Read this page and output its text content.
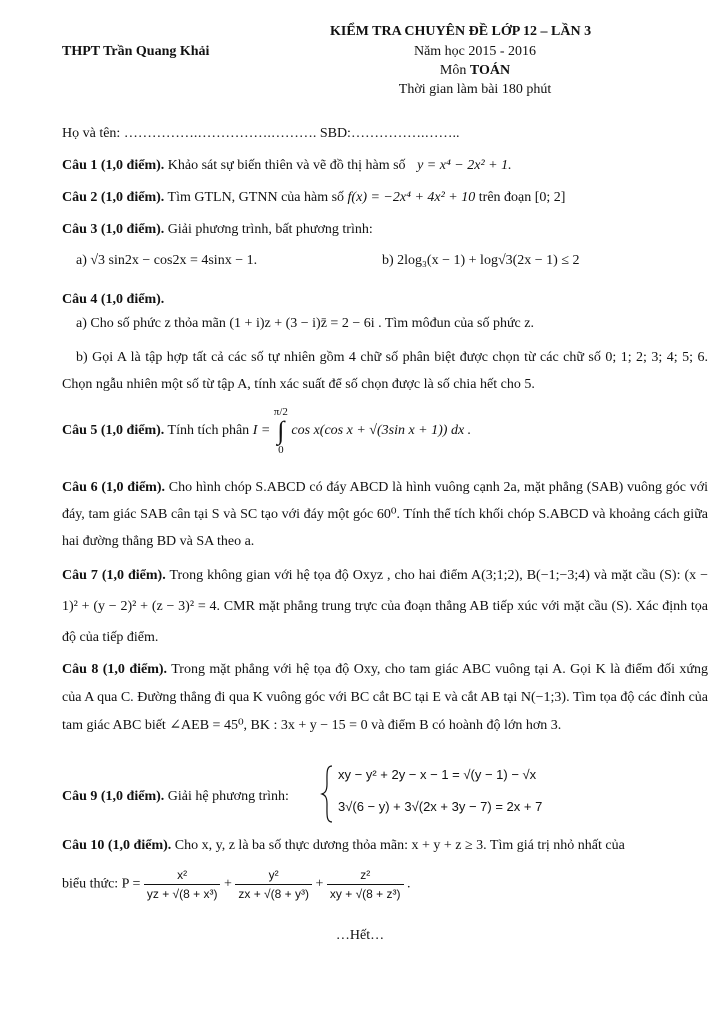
KIỂM TRA CHUYÊN ĐỀ LỚP 12 – LẦN 3
THPT Trần Quang Khải	Năm học 2015 - 2016
Môn TOÁN
Thời gian làm bài 180 phút
Họ và tên: …………….…………….………. SBD:…………….……..
Câu 1 (1,0 điểm). Khảo sát sự biến thiên và vẽ đồ thị hàm số y = x⁴ − 2x² + 1.
Câu 2 (1,0 điểm). Tìm GTLN, GTNN của hàm số f(x) = −2x⁴ + 4x² + 10 trên đoạn [0; 2]
Câu 3 (1,0 điểm). Giải phương trình, bất phương trình:
a) √3 sin2x − cos2x = 4sinx − 1.	b) 2log₃(x − 1) + log√3(2x − 1) ≤ 2
Câu 4 (1,0 điểm).
a) Cho số phức z thỏa mãn (1 + i)z + (3 − i)z̄ = 2 − 6i . Tìm môđun của số phức z.
b) Gọi A là tập hợp tất cả các số tự nhiên gồm 4 chữ số phân biệt được chọn từ các chữ số 0; 1; 2; 3; 4; 5; 6. Chọn ngẫu nhiên một số từ tập A, tính xác suất để số chọn được là số chia hết cho 5.
Câu 5 (1,0 điểm). Tính tích phân I = π/2
∫
0 cos x(cos x + √(3sin x + 1)) dx .
Câu 6 (1,0 điểm). Cho hình chóp S.ABCD có đáy ABCD là hình vuông cạnh 2a, mặt phẳng (SAB) vuông góc với đáy, tam giác SAB cân tại S và SC tạo với đáy một góc 60⁰. Tính thể tích khối chóp S.ABCD và khoảng cách giữa hai đường thẳng BD và SA theo a.
Câu 7 (1,0 điểm). Trong không gian với hệ tọa độ Oxyz , cho hai điểm A(3;1;2), B(−1;−3;4) và mặt cầu (S): (x − 1)² + (y − 2)² + (z − 3)² = 4. CMR mặt phẳng trung trực của đoạn thẳng AB tiếp xúc với mặt cầu (S). Xác định tọa độ của tiếp điểm.
Câu 8 (1,0 điểm). Trong mặt phẳng với hệ tọa độ Oxy, cho tam giác ABC vuông tại A. Gọi K là điểm đối xứng của A qua C. Đường thẳng đi qua K vuông góc với BC cắt BC tại E và cắt AB tại N(−1;3). Tìm tọa độ các đỉnh của tam giác ABC biết ∠AEB = 45⁰, BK : 3x + y − 15 = 0 và điểm B có hoành độ lớn hơn 3.
Câu 9 (1,0 điểm). Giải hệ phương trình:
xy − y² + 2y − x − 1 = √(y − 1) − √x
3√(6 − y) + 3√(2x + 3y − 7) = 2x + 7
Câu 10 (1,0 điểm). Cho x, y, z là ba số thực dương thỏa mãn: x + y + z ≥ 3. Tìm giá trị nhỏ nhất của
biểu thức: $P = \frac{\text{x²}}{\text{yz + √(8 + x³)}} + \frac{\text{y²}}{\text{zx + √(8 + y³)}} + \frac{\text{z²}}{\text{xy + √(8 + z³)}}$ .
…Hết…
